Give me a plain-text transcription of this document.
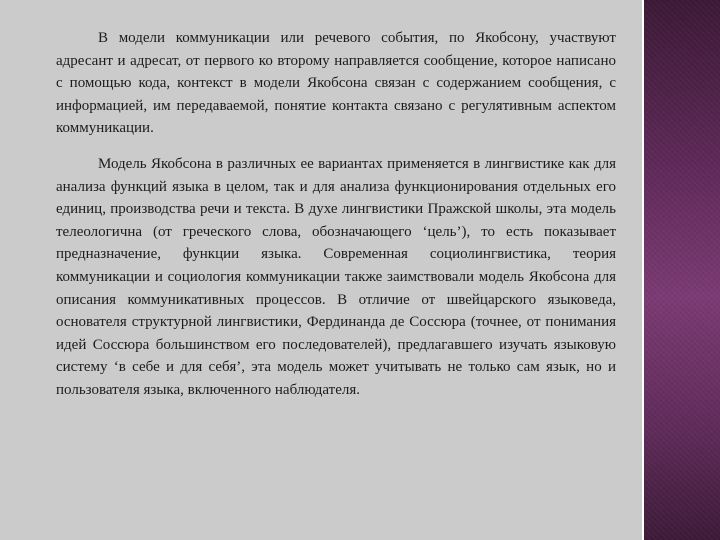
В модели коммуникации или речевого события, по Якобсону, участвуют адресант и адресат, от первого ко второму направляется сообщение, которое написано с помощью кода, контекст в модели Якобсона связан с содержанием сообщения, с информацией, им передаваемой, понятие контакта связано с регулятивным аспектом коммуникации.

Модель Якобсона в различных ее вариантах применяется в лингвистике как для анализа функций языка в целом, так и для анализа функционирования отдельных его единиц, производства речи и текста. В духе лингвистики Пражской школы, эта модель телеологична (от греческого слова, обозначающего ‘цель’), то есть показывает предназначение, функции языка. Современная социолингвистика, теория коммуникации и социология коммуникации также заимствовали модель Якобсона для описания коммуникативных процессов. В отличие от швейцарского языковеда, основателя структурной лингвистики, Фердинанда де Соссюра (точнее, от понимания идей Соссюра большинством его последователей), предлагавшего изучать языковую систему ‘в себе и для себя’, эта модель может учитывать не только сам язык, но и пользователя языка, включенного наблюдателя.
